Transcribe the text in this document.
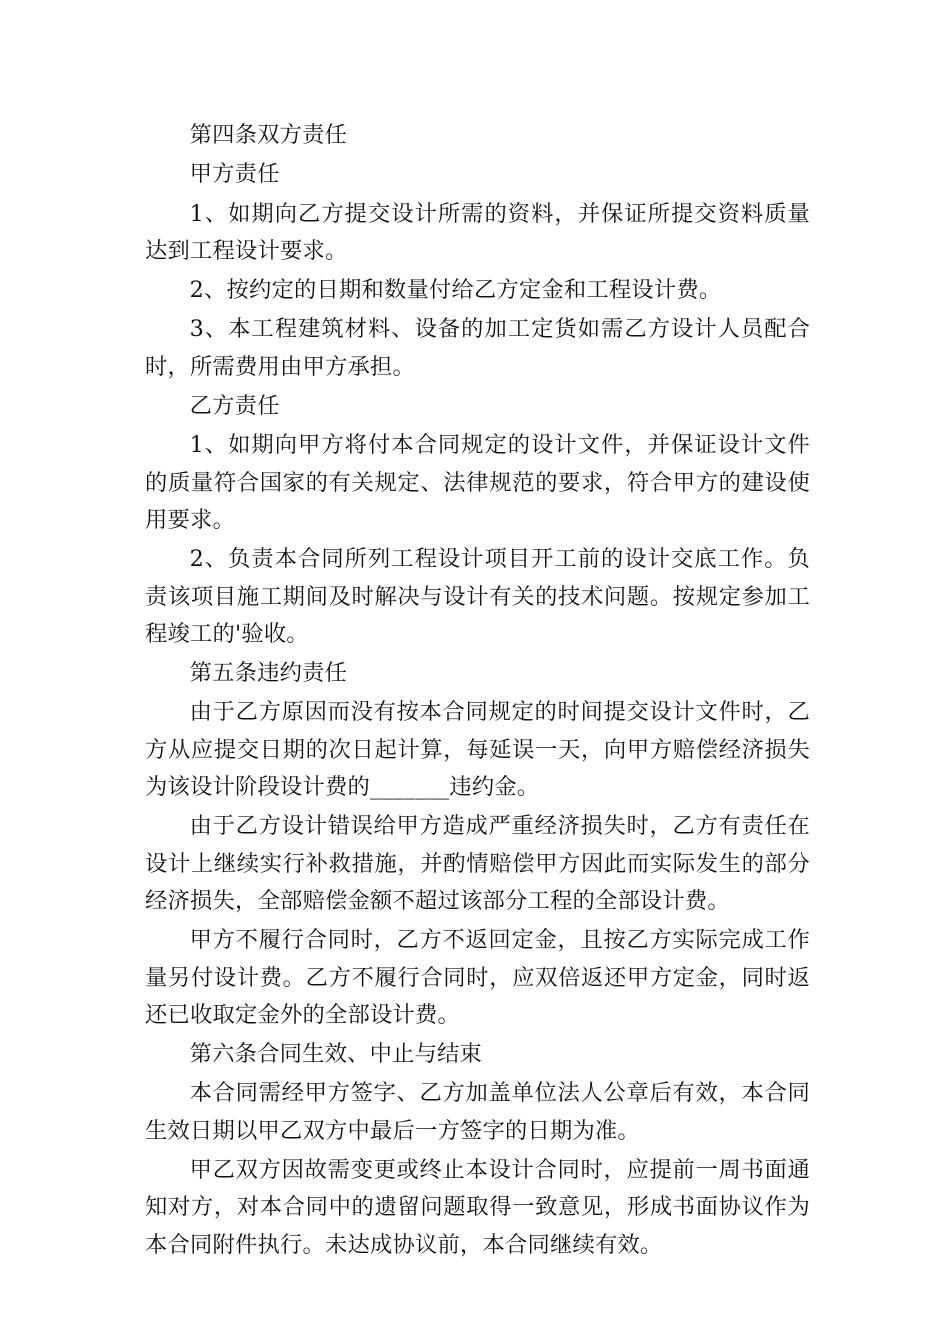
第四条双方责任

甲方责任

1、如期向乙方提交设计所需的资料，并保证所提交资料质量达到工程设计要求。

2、按约定的日期和数量付给乙方定金和工程设计费。

3、本工程建筑材料、设备的加工定货如需乙方设计人员配合时，所需费用由甲方承担。

乙方责任

1、如期向甲方将付本合同规定的设计文件，并保证设计文件的质量符合国家的有关规定、法律规范的要求，符合甲方的建设使用要求。

2、负责本合同所列工程设计项目开工前的设计交底工作。负责该项目施工期间及时解决与设计有关的技术问题。按规定参加工程竣工的'验收。

第五条违约责任

由于乙方原因而没有按本合同规定的时间提交设计文件时，乙方从应提交日期的次日起计算，每延误一天，向甲方赔偿经济损失为该设计阶段设计费的_______违约金。

由于乙方设计错误给甲方造成严重经济损失时，乙方有责任在设计上继续实行补救措施，并酌情赔偿甲方因此而实际发生的部分经济损失，全部赔偿金额不超过该部分工程的全部设计费。

甲方不履行合同时，乙方不返回定金，且按乙方实际完成工作量另付设计费。乙方不履行合同时，应双倍返还甲方定金，同时返还已收取定金外的全部设计费。

第六条合同生效、中止与结束

本合同需经甲方签字、乙方加盖单位法人公章后有效，本合同生效日期以甲乙双方中最后一方签字的日期为准。

甲乙双方因故需变更或终止本设计合同时，应提前一周书面通知对方，对本合同中的遗留问题取得一致意见，形成书面协议作为本合同附件执行。未达成协议前，本合同继续有效。
